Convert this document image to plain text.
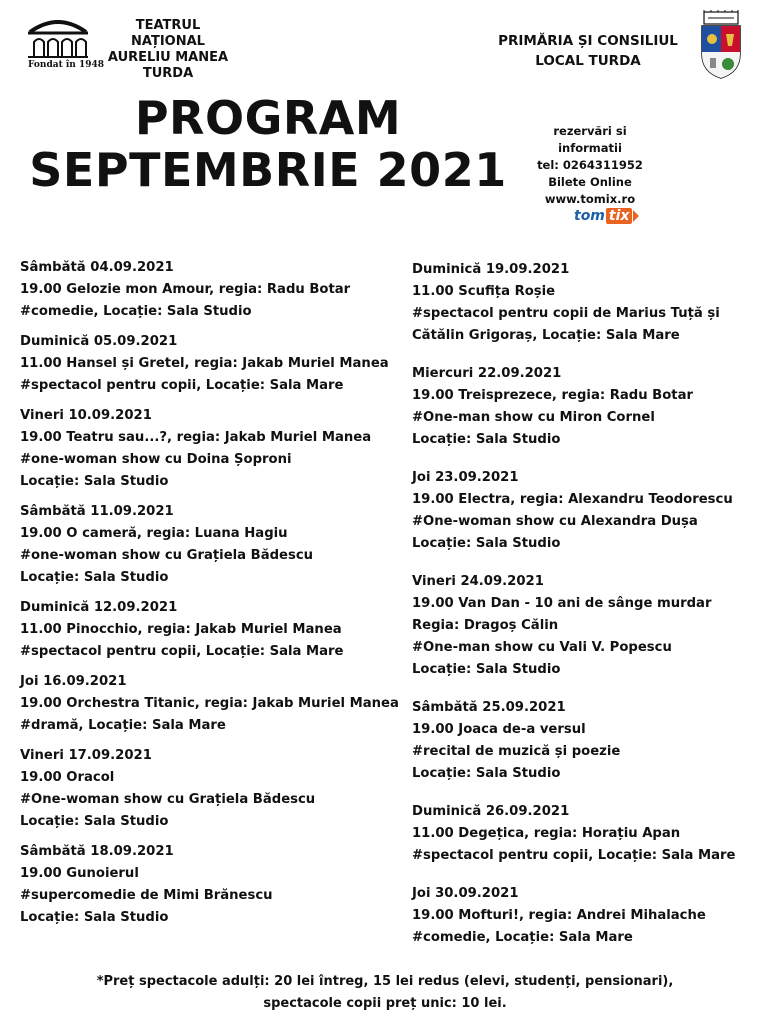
Fondat în 1948
TEATRUL NAȚIONAL
AURELIU MANEA
TURDA
PRIMĂRIA ȘI CONSILIUL
LOCAL TURDA
PROGRAM
SEPTEMBRIE 2021
rezervări si informatii
tel: 0264311952
Bilete Online
www.tomix.ro
tom tix
Sâmbătă 04.09.2021
19.00 Gelozie mon Amour, regia: Radu Botar
#comedie, Locație: Sala Studio
Duminică 05.09.2021
11.00 Hansel și Gretel, regia: Jakab Muriel Manea
#spectacol pentru copii, Locație: Sala Mare
Vineri 10.09.2021
19.00 Teatru sau...?, regia: Jakab Muriel Manea
#one-woman show cu Doina Șoproni
Locație: Sala Studio
Sâmbătă 11.09.2021
19.00 O cameră, regia: Luana Hagiu
#one-woman show cu Grațiela Bădescu
Locație: Sala Studio
Duminică 12.09.2021
11.00 Pinocchio, regia: Jakab Muriel Manea
#spectacol pentru copii, Locație: Sala Mare
Joi 16.09.2021
19.00 Orchestra Titanic, regia: Jakab Muriel Manea
#dramă, Locație: Sala Mare
Vineri 17.09.2021
19.00 Oracol
#One-woman show cu Grațiela Bădescu
Locație: Sala Studio
Sâmbătă 18.09.2021
19.00 Gunoierul
#supercomedie de Mimi Brănescu
Locație: Sala Studio
Duminică 19.09.2021
11.00 Scufița Roșie
#spectacol pentru copii de Marius Tuță și
Cătălin Grigoraș, Locație: Sala Mare
Miercuri 22.09.2021
19.00 Treisprezece, regia: Radu Botar
#One-man show cu Miron Cornel
Locație: Sala Studio
Joi 23.09.2021
19.00 Electra, regia: Alexandru Teodorescu
#One-woman show cu Alexandra Dușa
Locație: Sala Studio
Vineri 24.09.2021
19.00 Van Dan - 10 ani de sânge murdar
Regia: Dragoș Călin
#One-man show cu Vali V. Popescu
Locație: Sala Studio
Sâmbătă 25.09.2021
19.00 Joaca de-a versul
#recital de muzică și poezie
Locație: Sala Studio
Duminică 26.09.2021
11.00 Degețica, regia: Horațiu Apan
#spectacol pentru copii, Locație: Sala Mare
Joi 30.09.2021
19.00 Mofturi!, regia: Andrei Mihalache
#comedie, Locație: Sala Mare
*Preț spectacole adulți: 20 lei întreg, 15 lei redus (elevi, studenți, pensionari),
spectacole copii preț unic: 10 lei.
